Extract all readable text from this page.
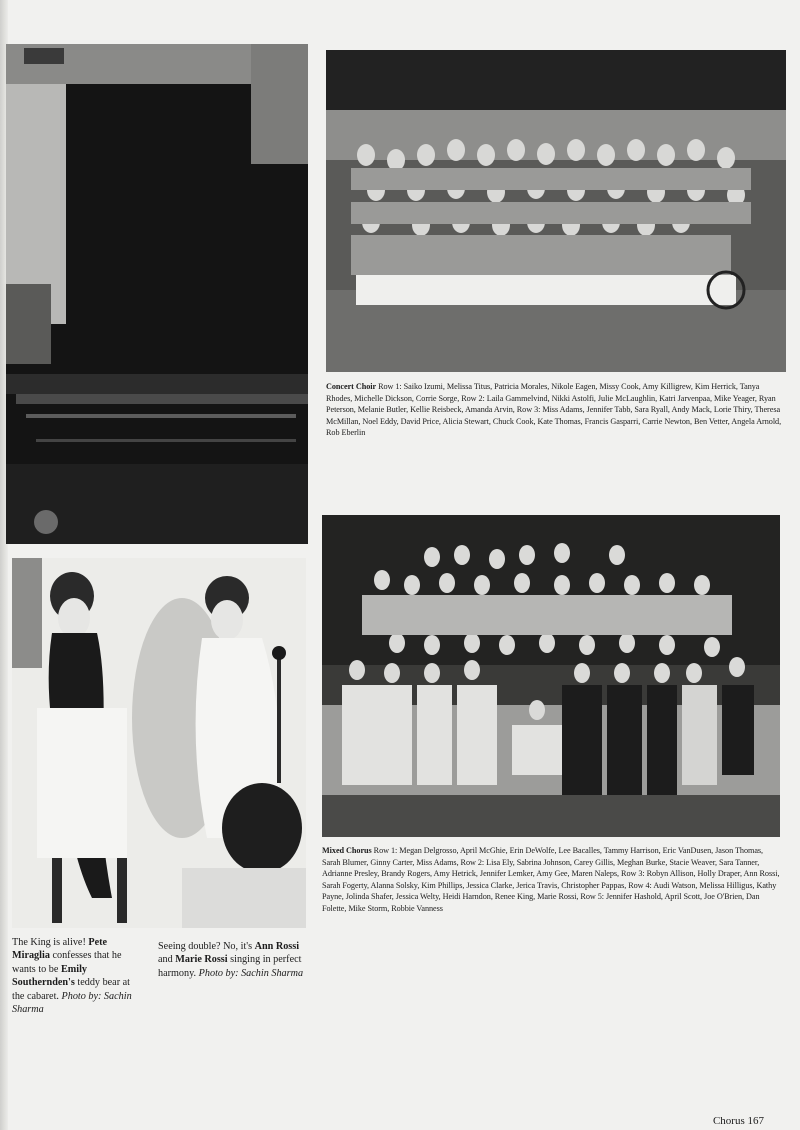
Concert Choir Row 1: Saiko Izumi, Melissa Titus, Patricia Morales, Nikole Eagen, Missy Cook, Amy Killigrew, Kim Herrick, Tanya Rhodes, Michelle Dickson, Corrie Sorge, Row 2: Laila Gammelvind, Nikki Astolfi, Julie McLaughlin, Katri Jarvenpaa, Mike Yeager, Ryan Peterson, Melanie Butler, Kellie Reisbeck, Amanda Arvin, Row 3: Miss Adams, Jennifer Tabb, Sara Ryall, Andy Mack, Lorie Thiry, Theresa McMillan, Noel Eddy, David Price, Alicia Stewart, Chuck Cook, Kate Thomas, Francis Gasparri, Carrie Newton, Ben Vetter, Angela Arnold, Rob Eberlin
Mixed Chorus Row 1: Megan Delgrosso, April McGhie, Erin DeWolfe, Lee Bacalles, Tammy Harrison, Eric VanDusen, Jason Thomas, Sarah Blumer, Ginny Carter, Miss Adams, Row 2: Lisa Ely, Sabrina Johnson, Carey Gillis, Meghan Burke, Stacie Weaver, Sara Tanner, Adrianne Presley, Brandy Rogers, Amy Hetrick, Jennifer Lemker, Amy Gee, Maren Naleps, Row 3: Robyn Allison, Holly Draper, Ann Rossi, Sarah Fogerty, Alanna Solsky, Kim Phillips, Jessica Clarke, Jerica Travis, Christopher Pappas, Row 4: Audi Watson, Melissa Hilligus, Kathy Payne, Jolinda Shafer, Jessica Welty, Heidi Harndon, Renee King, Marie Rossi, Row 5: Jennifer Hashold, April Scott, Joe O'Brien, Dan Folette, Mike Storm, Robbie Vanness
The King is alive! Pete Miraglia confesses that he wants to be Emily Southernden's teddy bear at the cabaret. Photo by: Sachin Sharma
Seeing double? No, it's Ann Rossi and Marie Rossi singing in perfect harmony. Photo by: Sachin Sharma
Chorus 167
